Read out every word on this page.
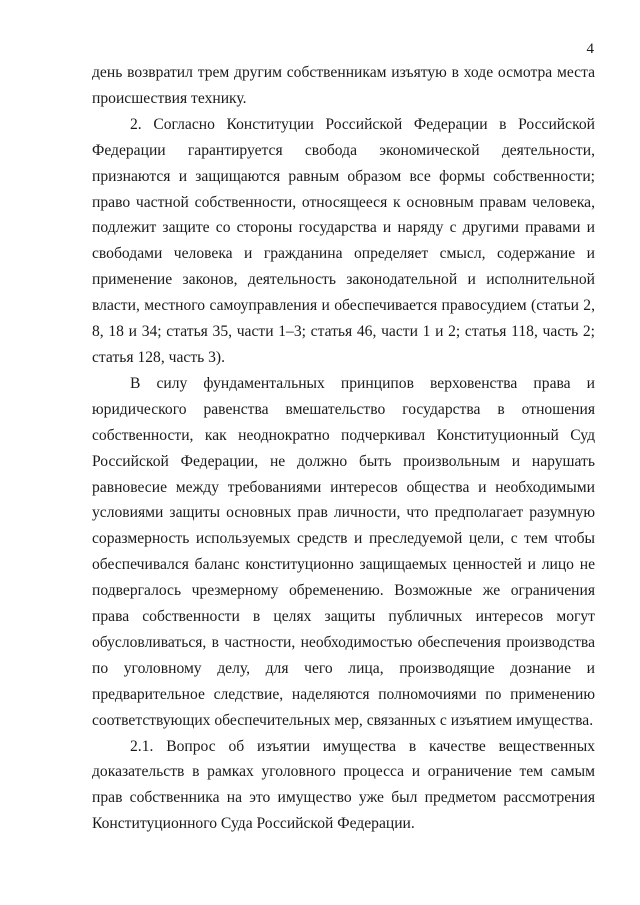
4

день возвратил трем другим собственникам изъятую в ходе осмотра места происшествия технику.

2. Согласно Конституции Российской Федерации в Российской Федерации гарантируется свобода экономической деятельности, признаются и защищаются равным образом все формы собственности; право частной собственности, относящееся к основным правам человека, подлежит защите со стороны государства и наряду с другими правами и свободами человека и гражданина определяет смысл, содержание и применение законов, деятельность законодательной и исполнительной власти, местного самоуправления и обеспечивается правосудием (статьи 2, 8, 18 и 34; статья 35, части 1–3; статья 46, части 1 и 2; статья 118, часть 2; статья 128, часть 3).

В силу фундаментальных принципов верховенства права и юридического равенства вмешательство государства в отношения собственности, как неоднократно подчеркивал Конституционный Суд Российской Федерации, не должно быть произвольным и нарушать равновесие между требованиями интересов общества и необходимыми условиями защиты основных прав личности, что предполагает разумную соразмерность используемых средств и преследуемой цели, с тем чтобы обеспечивался баланс конституционно защищаемых ценностей и лицо не подвергалось чрезмерному обременению. Возможные же ограничения права собственности в целях защиты публичных интересов могут обусловливаться, в частности, необходимостью обеспечения производства по уголовному делу, для чего лица, производящие дознание и предварительное следствие, наделяются полномочиями по применению соответствующих обеспечительных мер, связанных с изъятием имущества.

2.1. Вопрос об изъятии имущества в качестве вещественных доказательств в рамках уголовного процесса и ограничение тем самым прав собственника на это имущество уже был предметом рассмотрения Конституционного Суда Российской Федерации.
